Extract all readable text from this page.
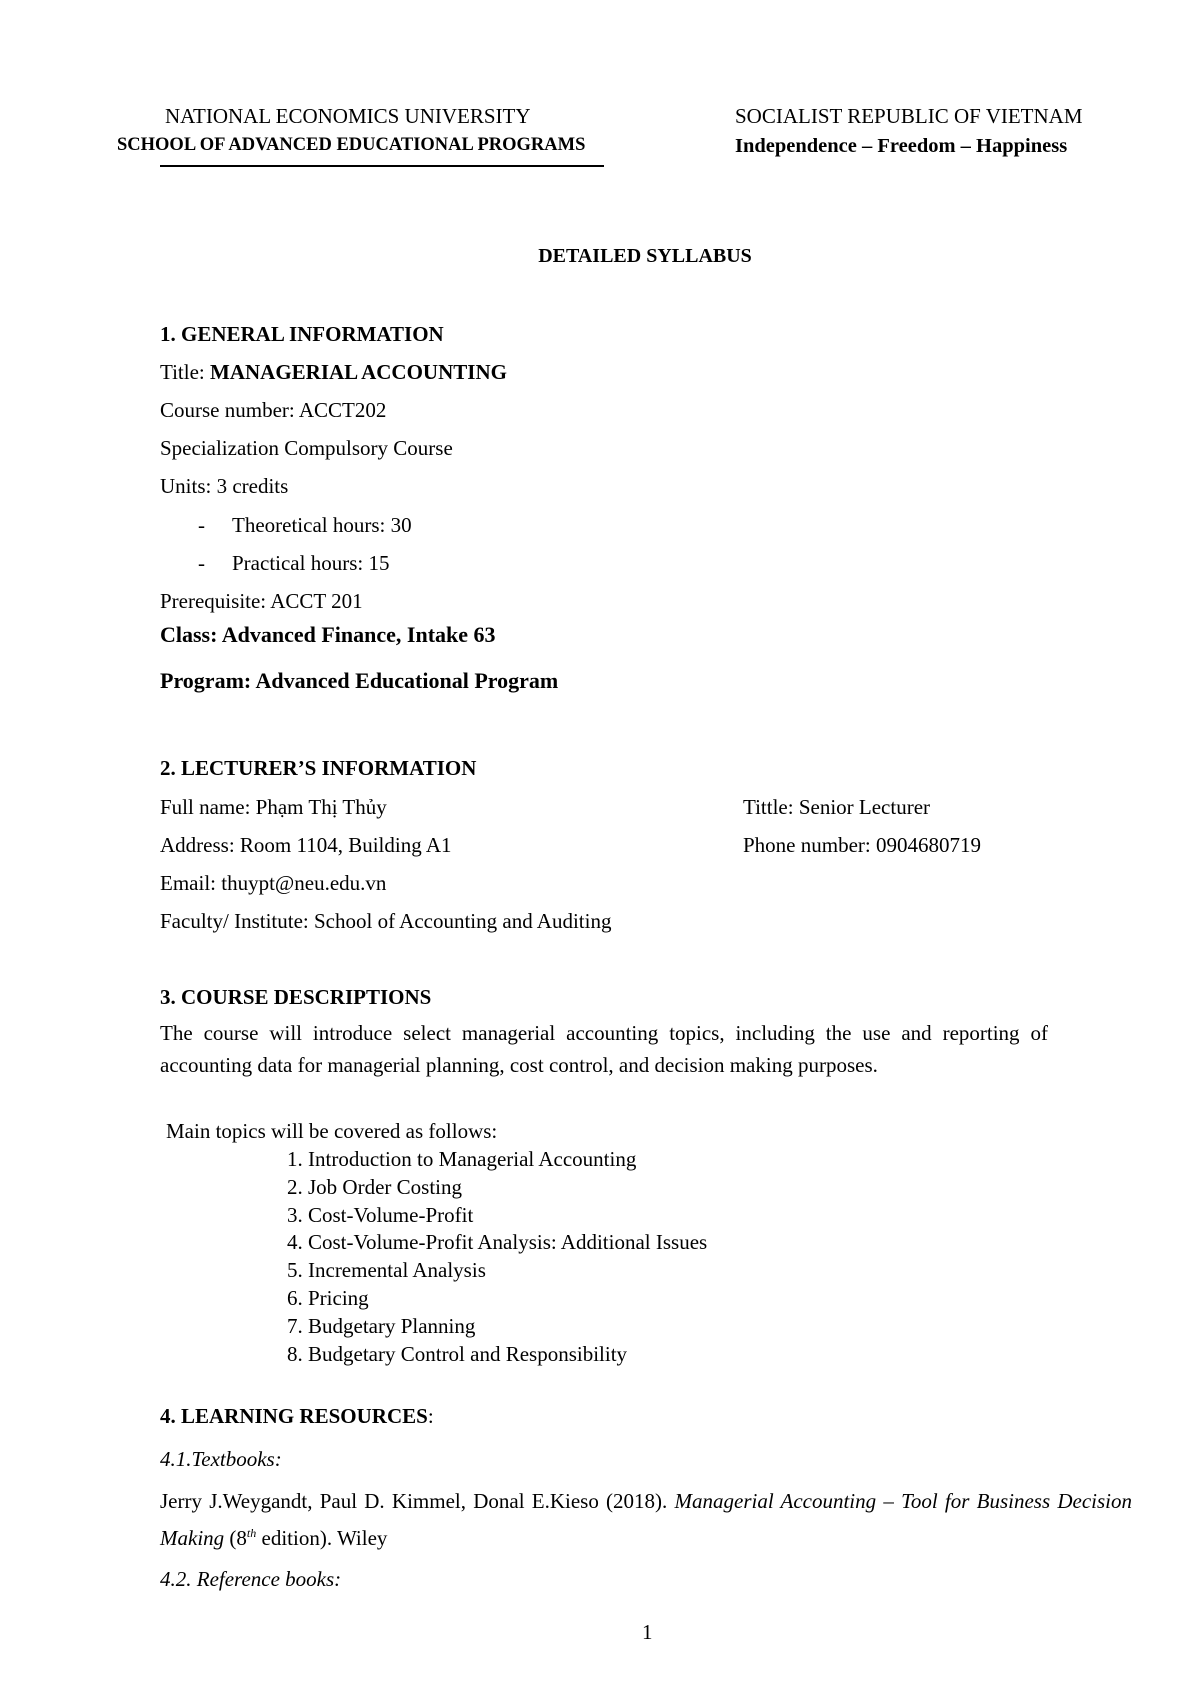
NATIONAL ECONOMICS UNIVERSITY
SCHOOL OF ADVANCED EDUCATIONAL PROGRAMS
SOCIALIST REPUBLIC OF VIETNAM
Independence – Freedom – Happiness
DETAILED SYLLABUS
1. GENERAL INFORMATION
Title: MANAGERIAL ACCOUNTING
Course number: ACCT202
Specialization Compulsory Course
Units: 3 credits
- Theoretical hours: 30
- Practical hours: 15
Prerequisite: ACCT 201
Class: Advanced Finance, Intake 63
Program: Advanced Educational Program
2. LECTURER’S INFORMATION
Full name: Phạm Thị Thủy	Tittle: Senior Lecturer
Address: Room 1104, Building A1	Phone number: 0904680719
Email: thuypt@neu.edu.vn
Faculty/ Institute: School of Accounting and Auditing
3. COURSE DESCRIPTIONS
The course will introduce select managerial accounting topics, including the use and reporting of accounting data for managerial planning, cost control, and decision making purposes.
Main topics will be covered as follows:
1. Introduction to Managerial Accounting
2. Job Order Costing
3. Cost-Volume-Profit
4. Cost-Volume-Profit Analysis: Additional Issues
5. Incremental Analysis
6. Pricing
7. Budgetary Planning
8. Budgetary Control and Responsibility
4. LEARNING RESOURCES:
4.1.Textbooks:
Jerry J.Weygandt, Paul D. Kimmel, Donal E.Kieso (2018). Managerial Accounting – Tool for Business Decision Making (8th edition). Wiley
4.2. Reference books:
1
